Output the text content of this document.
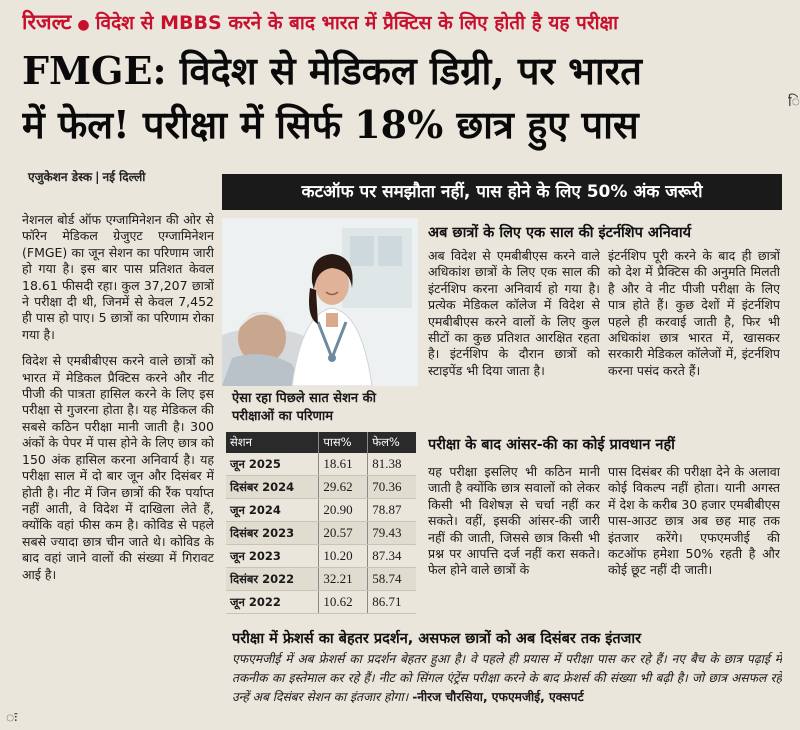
रिजल्ट ● विदेश से MBBS करने के बाद भारत में प्रैक्टिस के लिए होती है यह परीक्षा
FMGE: विदेश से मेडिकल डिग्री, पर भारत
में फेल! परीक्षा में सिर्फ 18% छात्र हुए पास
एजुकेशन डेस्क | नई दिल्ली
कटऑफ पर समझौता नहीं, पास होने के लिए 50% अंक जरूरी

नेशनल बोर्ड ऑफ एग्जामिनेशन की ओर से फॉरेन मेडिकल ग्रेजुएट एग्जामिनेशन (FMGE) का जून सेशन का परिणाम जारी हो गया है। इस बार पास प्रतिशत केवल 18.61 फीसदी रहा। कुल 37,207 छात्रों ने परीक्षा दी थी, जिनमें से केवल 7,452 ही पास हो पाए। 5 छात्रों का परिणाम रोका गया है।

विदेश से एमबीबीएस करने वाले छात्रों को भारत में मेडिकल प्रैक्टिस करने और नीट पीजी की पात्रता हासिल करने के लिए इस परीक्षा से गुजरना होता है। यह मेडिकल की सबसे कठिन परीक्षा मानी जाती है। 300 अंकों के पेपर में पास होने के लिए छात्र को 150 अंक हासिल करना अनिवार्य है। यह परीक्षा साल में दो बार जून और दिसंबर में होती है। नीट में जिन छात्रों की रैंक पर्याप्त नहीं आती, वे विदेश में दाखिला लेते हैं, क्योंकि वहां फीस कम है। कोविड से पहले सबसे ज्यादा छात्र चीन जाते थे। कोविड के बाद वहां जाने वालों की संख्या में गिरावट आई है।

अब छात्रों के लिए एक साल की इंटर्नशिप अनिवार्य
अब विदेश से एमबीबीएस करने वाले अधिकांश छात्रों के लिए एक साल की इंटर्नशिप करना अनिवार्य हो गया है। प्रत्येक मेडिकल कॉलेज में विदेश से एमबीबीएस करने वालों के लिए कुल सीटों का कुछ प्रतिशत आरक्षित रहता है। इंटर्नशिप के दौरान छात्रों को स्टाइपेंड भी दिया जाता है।
इंटर्नशिप पूरी करने के बाद ही छात्रों को देश में प्रैक्टिस की अनुमति मिलती है और वे नीट पीजी परीक्षा के लिए पात्र होते हैं। कुछ देशों में इंटर्नशिप पहले ही करवाई जाती है, फिर भी अधिकांश छात्र भारत में, खासकर सरकारी मेडिकल कॉलेजों में, इंटर्नशिप करना पसंद करते हैं।
ऐसा रहा पिछले सात सेशन की परीक्षाओं का परिणाम
सेशन	पास%	फेल%
जून 2025	18.61	81.38
दिसंबर 2024	29.62	70.36
जून 2024	20.90	78.87
दिसंबर 2023	20.57	79.43
जून 2023	10.20	87.34
दिसंबर 2022	32.21	58.74
जून 2022	10.62	86.71
परीक्षा के बाद आंसर-की का कोई प्रावधान नहीं
यह परीक्षा इसलिए भी कठिन मानी जाती है क्योंकि छात्र सवालों को लेकर किसी भी विशेषज्ञ से चर्चा नहीं कर सकते। वहीं, इसकी आंसर-की जारी नहीं की जाती, जिससे छात्र किसी भी प्रश्न पर आपत्ति दर्ज नहीं करा सकते। फेल होने वाले छात्रों के
पास दिसंबर की परीक्षा देने के अलावा कोई विकल्प नहीं होता। यानी अगस्त में देश के करीब 30 हजार एमबीबीएस पास-आउट छात्र अब छह माह तक इंतजार करेंगे। एफएमजीई की कटऑफ हमेशा 50% रहती है और कोई छूट नहीं दी जाती।
परीक्षा में फ्रेशर्स का बेहतर प्रदर्शन, असफल छात्रों को अब दिसंबर तक इंतजार
एफएमजीई में अब फ्रेशर्स का प्रदर्शन बेहतर हुआ है। वे पहले ही प्रयास में परीक्षा पास कर रहे हैं। नए बैच के छात्र पढ़ाई में तकनीक का इस्तेमाल कर रहे हैं। नीट को सिंगल एंट्रेंस परीक्षा करने के बाद फ्रेशर्स की संख्या भी बढ़ी है। जो छात्र असफल रहे उन्हें अब दिसंबर सेशन का इंतजार होगा। -नीरज चौरसिया, एफएमजीई, एक्सपर्ट
ि
ः
